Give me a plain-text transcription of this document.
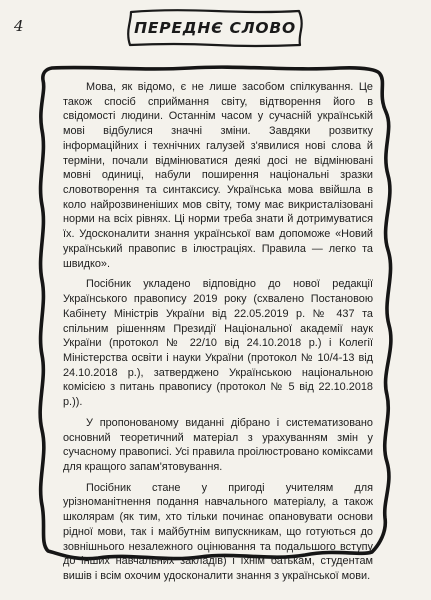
4	ПЕРЕДНЄ СЛОВО

Мова, як відомо, є не лише засобом спілкування. Це також спосіб сприймання світу, відтворення його в свідомості людини. Останнім часом у сучасній українській мові відбулися значні зміни. Завдяки розвитку інформаційних і технічних галузей з'явилися нові слова й терміни, почали відмінюватися деякі досі не відмінювані мовні одиниці, набули поширення національні зразки словотворення та синтаксису. Українська мова ввійшла в коло найрозвиненіших мов світу, тому має викристалізовані норми на всіх рівнях. Ці норми треба знати й дотримуватися їх. Удосконалити знання української вам допоможе «Новий український правопис в ілюстраціях. Правила — легко та швидко».

Посібник укладено відповідно до нової редакції Українського правопису 2019 року (схвалено Постановою Кабінету Міністрів України від 22.05.2019 р. № 437 та спільним рішенням Президії Національної академії наук України (протокол № 22/10 від 24.10.2018 р.) і Колегії Міністерства освіти і науки України (протокол № 10/4-13 від 24.10.2018 р.), затверджено Українською національною комісією з питань правопису (протокол № 5 від 22.10.2018 р.)).

У пропонованому виданні дібрано і систематизовано основний теоретичний матеріал з урахуванням змін у сучасному правописі. Усі правила проілюстровано комiксами для кращого запам'ятовування.

Посібник стане у пригоді учителям для урізноманітнення подання навчального матеріалу, а також школярам (як тим, хто тільки починає опановувати основи рідної мови, так і майбутнім випускникам, що готуються до зовнішнього незалежного оцінювання та подальшого вступу до інших навчальних закладів) і їхнім батькам, студентам вишів і всім охочим удосконалити знання з української мови.
